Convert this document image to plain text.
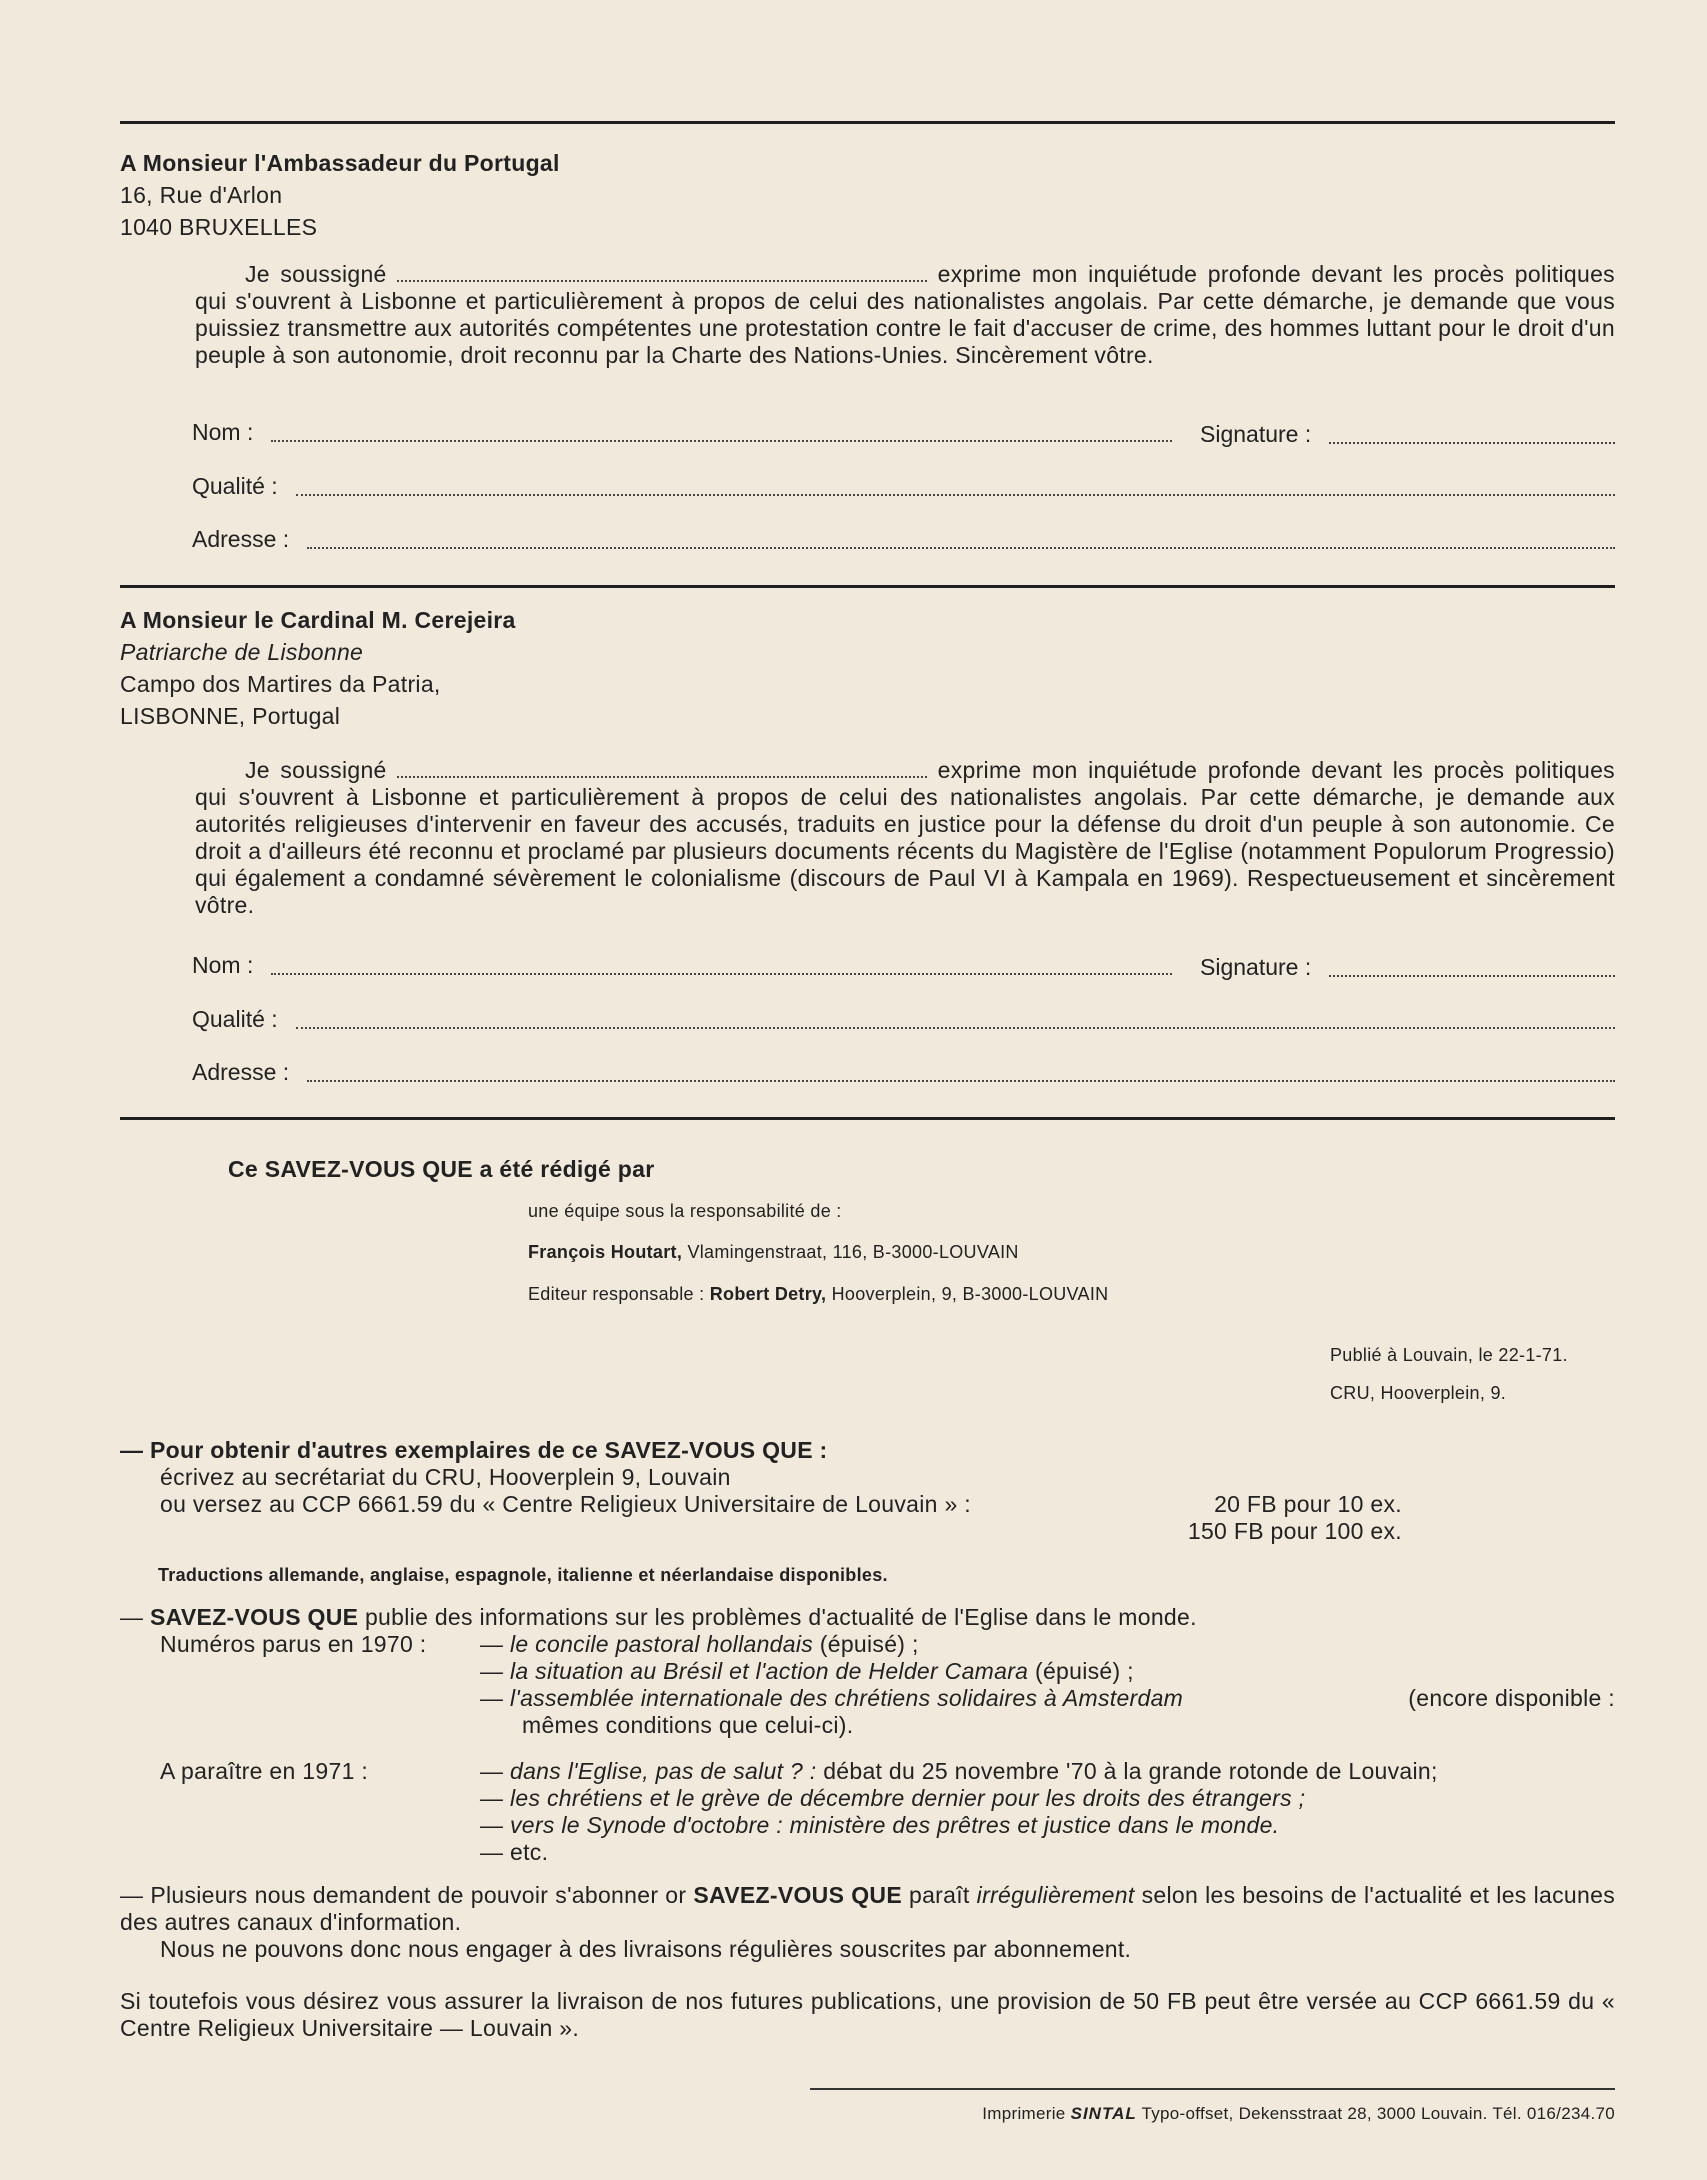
A Monsieur l'Ambassadeur du Portugal
16, Rue d'Arlon
1040 BRUXELLES
Je soussigné	exprime mon inquiétude profonde devant les procès politiques qui s'ouvrent à Lisbonne et particulièrement à propos de celui des nationalistes angolais. Par cette démarche, je demande que vous puissiez transmettre aux autorités compétentes une protestation contre le fait d'accuser de crime, des hommes luttant pour le droit d'un peuple à son autonomie, droit reconnu par la Charte des Nations-Unies. Sincèrement vôtre.
Nom :	Signature :
Qualité :
Adresse :
A Monsieur le Cardinal M. Cerejeira
Patriarche de Lisbonne
Campo dos Martires da Patria,
LISBONNE, Portugal
Je soussigné	exprime mon inquiétude profonde devant les procès politiques qui s'ouvrent à Lisbonne et particulièrement à propos de celui des nationalistes angolais. Par cette démarche, je demande aux autorités religieuses d'intervenir en faveur des accusés, traduits en justice pour la défense du droit d'un peuple à son autonomie. Ce droit a d'ailleurs été reconnu et proclamé par plusieurs documents récents du Magistère de l'Eglise (notamment Populorum Progressio) qui également a condamné sévèrement le colonialisme (discours de Paul VI à Kampala en 1969). Respectueusement et sincèrement vôtre.
Nom :	Signature :
Qualité :
Adresse :
Ce SAVEZ-VOUS QUE a été rédigé par
une équipe sous la responsabilité de :
François Houtart, Vlamingenstraat, 116, B-3000-LOUVAIN
Editeur responsable : Robert Detry, Hooverplein, 9, B-3000-LOUVAIN
Publié à Louvain, le 22-1-71.
CRU, Hooverplein, 9.
— Pour obtenir d'autres exemplaires de ce SAVEZ-VOUS QUE :
écrivez au secrétariat du CRU, Hooverplein 9, Louvain
ou versez au CCP 6661.59 du « Centre Religieux Universitaire de Louvain » :	20 FB pour 10 ex.
150 FB pour 100 ex.
Traductions allemande, anglaise, espagnole, italienne et néerlandaise disponibles.
— SAVEZ-VOUS QUE publie des informations sur les problèmes d'actualité de l'Eglise dans le monde.
Numéros parus en 1970 : — le concile pastoral hollandais (épuisé) ;
— la situation au Brésil et l'action de Helder Camara (épuisé) ;
— l'assemblée internationale des chrétiens solidaires à Amsterdam	(encore disponible :
mêmes conditions que celui-ci).
A paraître en 1971 :	— dans l'Eglise, pas de salut ? : débat du 25 novembre '70 à la grande rotonde de Louvain;
— les chrétiens et le grève de décembre dernier pour les droits des étrangers ;
— vers le Synode d'octobre : ministère des prêtres et justice dans le monde.
— etc.
— Plusieurs nous demandent de pouvoir s'abonner or SAVEZ-VOUS QUE paraît irrégulièrement selon les besoins de l'actualité et les lacunes des autres canaux d'information.
Nous ne pouvons donc nous engager à des livraisons régulières souscrites par abonnement.
Si toutefois vous désirez vous assurer la livraison de nos futures publications, une provision de 50 FB peut être versée au CCP 6661.59 du « Centre Religieux Universitaire — Louvain ».
Imprimerie SINTAL Typo-offset, Dekensstraat 28, 3000 Louvain. Tél. 016/234.70
